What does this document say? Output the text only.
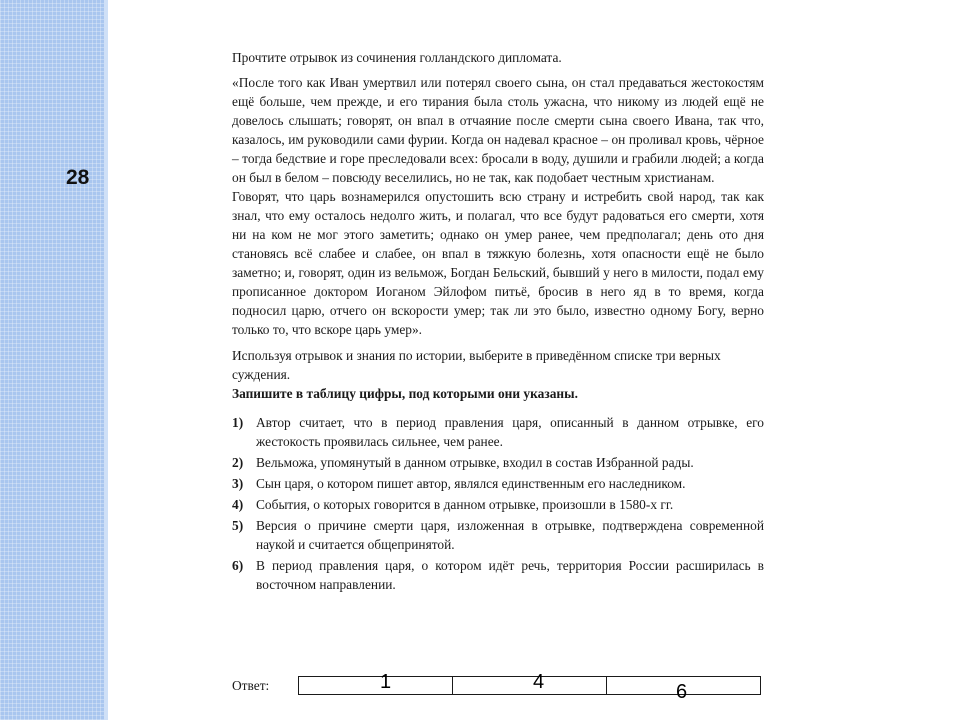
28

Прочтите отрывок из сочинения голландского дипломата.

«После того как Иван умертвил или потерял своего сына, он стал предаваться жестокостям ещё больше, чем прежде, и его тирания была столь ужасна, что никому из людей ещё не довелось слышать; говорят, он впал в отчаяние после смерти сына своего Ивана, так что, казалось, им руководили сами фурии. Когда он надевал красное – он проливал кровь, чёрное – тогда бедствие и горе преследовали всех: бросали в воду, душили и грабили людей; а когда он был в белом – повсюду веселились, но не так, как подобает честным христианам.

Говорят, что царь вознамерился опустошить всю страну и истребить свой народ, так как знал, что ему осталось недолго жить, и полагал, что все будут радоваться его смерти, хотя ни на ком не мог этого заметить; однако он умер ранее, чем предполагал; день ото дня становясь всё слабее и слабее, он впал в тяжкую болезнь, хотя опасности ещё не было заметно; и, говорят, один из вельмож, Богдан Бельский, бывший у него в милости, подал ему прописанное доктором Иоганом Эйлофом питьё, бросив в него яд в то время, когда подносил царю, отчего он вскорости умер; так ли это было, известно одному Богу, верно только то, что вскоре царь умер».

Используя отрывок и знания по истории, выберите в приведённом списке три верных суждения.

Запишите в таблицу цифры, под которыми они указаны.

1) Автор считает, что в период правления царя, описанный в данном отрывке, его жестокость проявилась сильнее, чем ранее.
2) Вельможа, упомянутый в данном отрывке, входил в состав Избранной рады.
3) Сын царя, о котором пишет автор, являлся единственным его наследником.
4) События, о которых говорится в данном отрывке, произошли в 1580-х гг.
5) Версия о причине смерти царя, изложенная в отрывке, подтверждена современной наукой и считается общепринятой.
6) В период правления царя, о котором идёт речь, территория России расширилась в восточном направлении.
Ответ:
			1	4	6
